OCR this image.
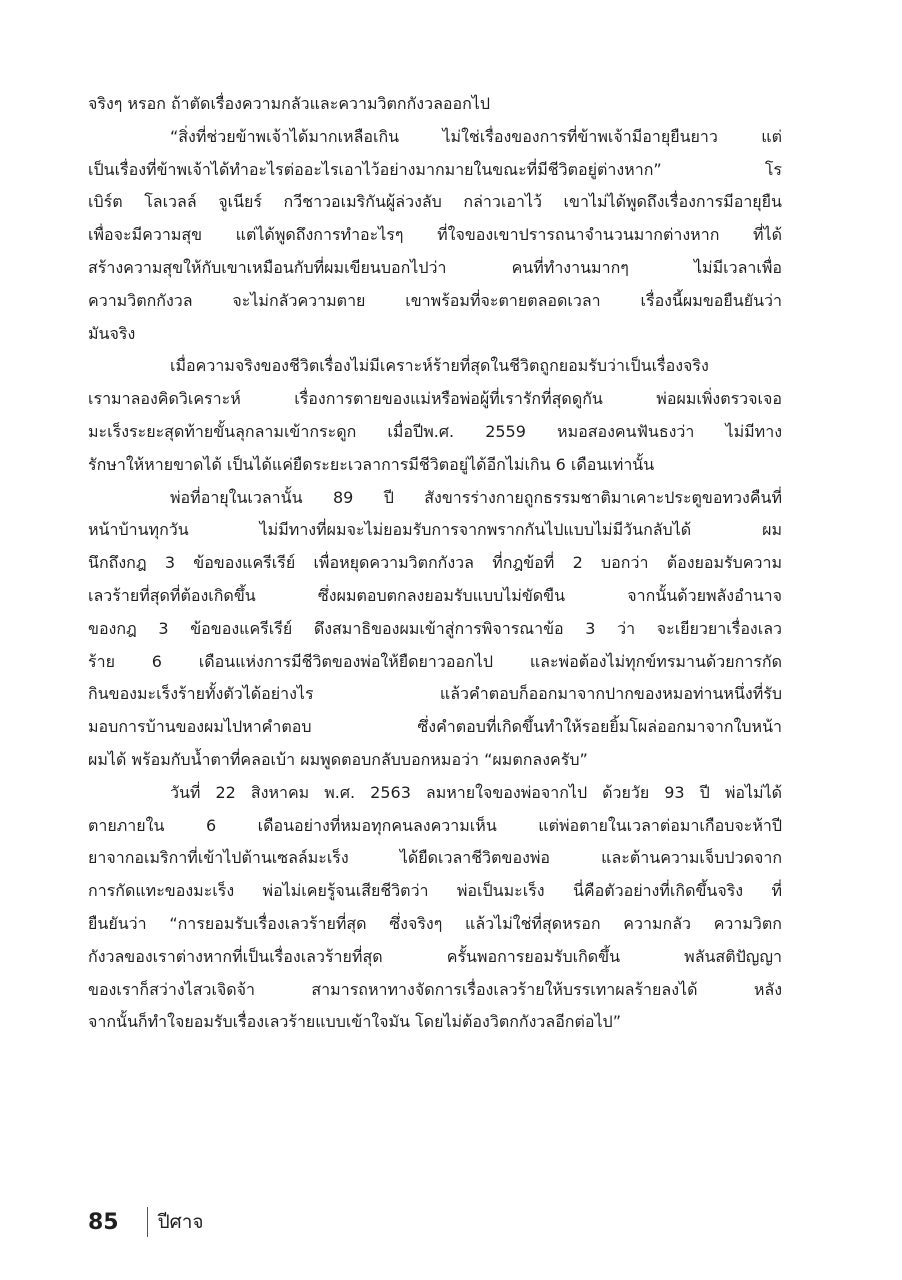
จริงๆ หรอก ถ้าตัดเรื่องความกลัวและความวิตกกังวลออกไป
“สิ่งที่ช่วยข้าพเจ้าได้มากเหลือเกิน ไม่ใช่เรื่องของการที่ข้าพเจ้ามีอายุยืนยาว แต่
เป็นเรื่องที่ข้าพเจ้าได้ทำอะไรต่ออะไรเอาไว้อย่างมากมายในขณะที่มีชีวิตอยู่ต่างหาก” โร
เบิร์ต โลเวลล์ จูเนียร์ กวีชาวอเมริกันผู้ล่วงลับ กล่าวเอาไว้ เขาไม่ได้พูดถึงเรื่องการมีอายุยืน
เพื่อจะมีความสุข แต่ได้พูดถึงการทำอะไรๆ ที่ใจของเขาปรารถนาจำนวนมากต่างหาก ที่ได้
สร้างความสุขให้กับเขาเหมือนกับที่ผมเขียนบอกไปว่า คนที่ทำงานมากๆ ไม่มีเวลาเพื่อ
ความวิตกกังวล จะไม่กลัวความตาย เขาพร้อมที่จะตายตลอดเวลา เรื่องนี้ผมขอยืนยันว่า
มันจริง
เมื่อความจริงของชีวิตเรื่องไม่มีเคราะห์ร้ายที่สุดในชีวิตถูกยอมรับว่าเป็นเรื่องจริง
เรามาลองคิดวิเคราะห์ เรื่องการตายของแม่หรือพ่อผู้ที่เรารักที่สุดดูกัน พ่อผมเพิ่งตรวจเจอ
มะเร็งระยะสุดท้ายขั้นลุกลามเข้ากระดูก เมื่อปีพ.ศ. 2559 หมอสองคนฟันธงว่า ไม่มีทาง
รักษาให้หายขาดได้ เป็นได้แค่ยืดระยะเวลาการมีชีวิตอยู่ได้อีกไม่เกิน 6 เดือนเท่านั้น
พ่อที่อายุในเวลานั้น 89 ปี สังขารร่างกายถูกธรรมชาติมาเคาะประตูขอทวงคืนที่
หน้าบ้านทุกวัน ไม่มีทางที่ผมจะไม่ยอมรับการจากพรากกันไปแบบไม่มีวันกลับได้ ผม
นึกถึงกฎ 3 ข้อของแครีเรีย์ เพื่อหยุดความวิตกกังวล ที่กฎข้อที่ 2 บอกว่า ต้องยอมรับความ
เลวร้ายที่สุดที่ต้องเกิดขึ้น ซึ่งผมตอบตกลงยอมรับแบบไม่ขัดขืน จากนั้นด้วยพลังอำนาจ
ของกฎ 3 ข้อของแครีเรีย์ ดึงสมาธิของผมเข้าสู่การพิจารณาข้อ 3 ว่า จะเยียวยาเรื่องเลว
ร้าย 6 เดือนแห่งการมีชีวิตของพ่อให้ยืดยาวออกไป และพ่อต้องไม่ทุกข์ทรมานด้วยการกัด
กินของมะเร็งร้ายทั้งตัวได้อย่างไร แล้วคำตอบก็ออกมาจากปากของหมอท่านหนึ่งที่รับ
มอบการบ้านของผมไปหาคำตอบ ซึ่งคำตอบที่เกิดขึ้นทำให้รอยยิ้มโผล่ออกมาจากใบหน้า
ผมได้ พร้อมกับน้ำตาที่คลอเบ้า ผมพูดตอบกลับบอกหมอว่า “ผมตกลงครับ”
วันที่ 22 สิงหาคม พ.ศ. 2563 ลมหายใจของพ่อจากไป ด้วยวัย 93 ปี พ่อไม่ได้
ตายภายใน 6 เดือนอย่างที่หมอทุกคนลงความเห็น แต่พ่อตายในเวลาต่อมาเกือบจะห้าปี
ยาจากอเมริกาที่เข้าไปต้านเซลล์มะเร็ง ได้ยืดเวลาชีวิตของพ่อ และต้านความเจ็บปวดจาก
การกัดแทะของมะเร็ง พ่อไม่เคยรู้จนเสียชีวิตว่า พ่อเป็นมะเร็ง นี่คือตัวอย่างที่เกิดขึ้นจริง ที่
ยืนยันว่า “การยอมรับเรื่องเลวร้ายที่สุด ซึ่งจริงๆ แล้วไม่ใช่ที่สุดหรอก ความกลัว ความวิตก
กังวลของเราต่างหากที่เป็นเรื่องเลวร้ายที่สุด ครั้นพอการยอมรับเกิดขึ้น พลันสติปัญญา
ของเราก็สว่างไสวเจิดจ้า สามารถหาทางจัดการเรื่องเลวร้ายให้บรรเทาผลร้ายลงได้ หลัง
จากนั้นก็ทำใจยอมรับเรื่องเลวร้ายแบบเข้าใจมัน โดยไม่ต้องวิตกกังวลอีกต่อไป”
85 ปีศาจ
